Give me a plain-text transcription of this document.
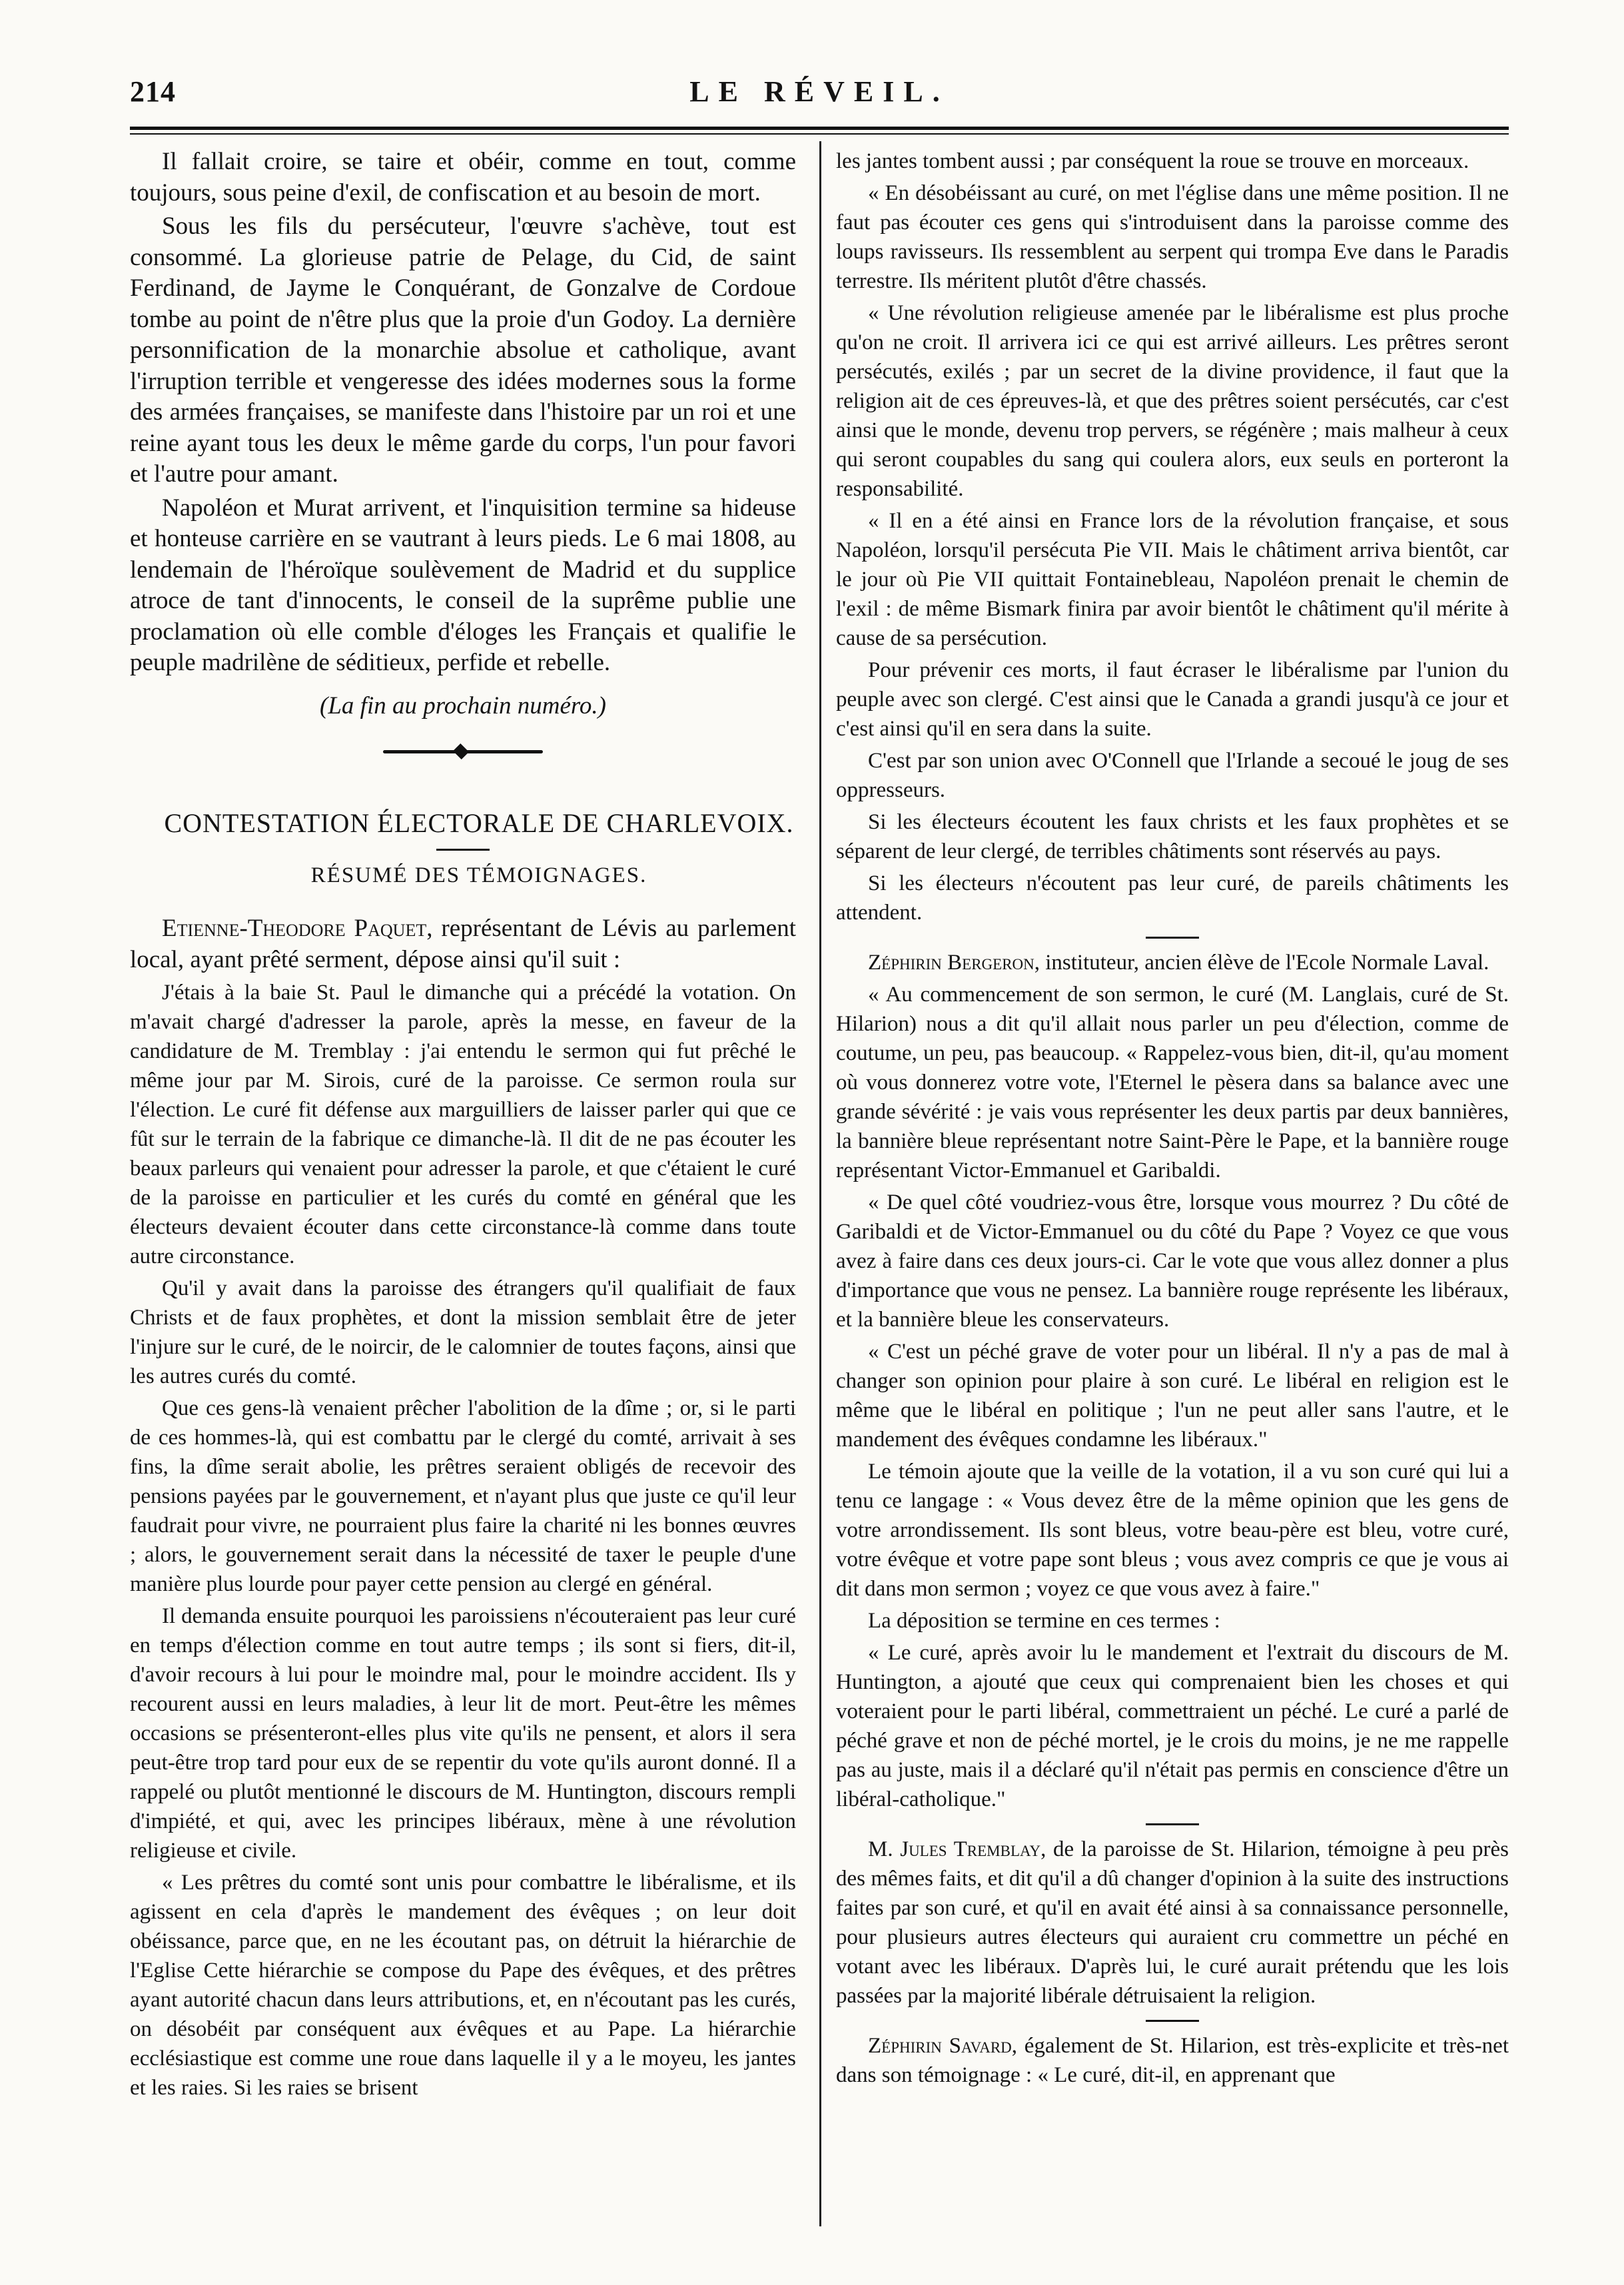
214	LE RÉVEIL.

Il fallait croire, se taire et obéir, comme en tout, comme toujours, sous peine d'exil, de confiscation et au besoin de mort.

Sous les fils du persécuteur, l'œuvre s'achève, tout est consommé. La glorieuse patrie de Pelage, du Cid, de saint Ferdinand, de Jayme le Conquérant, de Gonzalve de Cordoue tombe au point de n'être plus que la proie d'un Godoy. La dernière personnification de la monarchie absolue et catholique, avant l'irruption terrible et vengeresse des idées modernes sous la forme des armées françaises, se manifeste dans l'histoire par un roi et une reine ayant tous les deux le même garde du corps, l'un pour favori et l'autre pour amant.

Napoléon et Murat arrivent, et l'inquisition termine sa hideuse et honteuse carrière en se vautrant à leurs pieds. Le 6 mai 1808, au lendemain de l'héroïque soulèvement de Madrid et du supplice atroce de tant d'innocents, le conseil de la suprême publie une proclamation où elle comble d'éloges les Français et qualifie le peuple madrilène de séditieux, perfide et rebelle.

(La fin au prochain numéro.)

CONTESTATION ÉLECTORALE DE CHARLEVOIX.

RÉSUMÉ DES TÉMOIGNAGES.

Etienne-Theodore Paquet, représentant de Lévis au parlement local, ayant prêté serment, dépose ainsi qu'il suit :

J'étais à la baie St. Paul le dimanche qui a précédé la votation. On m'avait chargé d'adresser la parole, après la messe, en faveur de la candidature de M. Tremblay : j'ai entendu le sermon qui fut prêché le même jour par M. Sirois, curé de la paroisse. Ce sermon roula sur l'élection. Le curé fit défense aux marguilliers de laisser parler qui que ce fût sur le terrain de la fabrique ce dimanche-là. Il dit de ne pas écouter les beaux parleurs qui venaient pour adresser la parole, et que c'étaient le curé de la paroisse en particulier et les curés du comté en général que les électeurs devaient écouter dans cette circonstance-là comme dans toute autre circonstance.

Qu'il y avait dans la paroisse des étrangers qu'il qualifiait de faux Christs et de faux prophètes, et dont la mission semblait être de jeter l'injure sur le curé, de le noircir, de le calomnier de toutes façons, ainsi que les autres curés du comté.

Que ces gens-là venaient prêcher l'abolition de la dîme ; or, si le parti de ces hommes-là, qui est combattu par le clergé du comté, arrivait à ses fins, la dîme serait abolie, les prêtres seraient obligés de recevoir des pensions payées par le gouvernement, et n'ayant plus que juste ce qu'il leur faudrait pour vivre, ne pourraient plus faire la charité ni les bonnes œuvres ; alors, le gouvernement serait dans la nécessité de taxer le peuple d'une manière plus lourde pour payer cette pension au clergé en général.

Il demanda ensuite pourquoi les paroissiens n'écouteraient pas leur curé en temps d'élection comme en tout autre temps ; ils sont si fiers, dit-il, d'avoir recours à lui pour le moindre mal, pour le moindre accident. Ils y recourent aussi en leurs maladies, à leur lit de mort. Peut-être les mêmes occasions se présenteront-elles plus vite qu'ils ne pensent, et alors il sera peut-être trop tard pour eux de se repentir du vote qu'ils auront donné. Il a rappelé ou plutôt mentionné le discours de M. Huntington, discours rempli d'impiété, et qui, avec les principes libéraux, mène à une révolution religieuse et civile.

« Les prêtres du comté sont unis pour combattre le libéralisme, et ils agissent en cela d'après le mandement des évêques ; on leur doit obéissance, parce que, en ne les écoutant pas, on détruit la hiérarchie de l'Eglise Cette hiérarchie se compose du Pape des évêques, et des prêtres ayant autorité chacun dans leurs attributions, et, en n'écoutant pas les curés, on désobéit par conséquent aux évêques et au Pape. La hiérarchie ecclésiastique est comme une roue dans laquelle il y a le moyeu, les jantes et les raies. Si les raies se brisent

les jantes tombent aussi ; par conséquent la roue se trouve en morceaux.

« En désobéissant au curé, on met l'église dans une même position. Il ne faut pas écouter ces gens qui s'introduisent dans la paroisse comme des loups ravisseurs. Ils ressemblent au serpent qui trompa Eve dans le Paradis terrestre. Ils méritent plutôt d'être chassés.

« Une révolution religieuse amenée par le libéralisme est plus proche qu'on ne croit. Il arrivera ici ce qui est arrivé ailleurs. Les prêtres seront persécutés, exilés ; par un secret de la divine providence, il faut que la religion ait de ces épreuves-là, et que des prêtres soient persécutés, car c'est ainsi que le monde, devenu trop pervers, se régénère ; mais malheur à ceux qui seront coupables du sang qui coulera alors, eux seuls en porteront la responsabilité.

« Il en a été ainsi en France lors de la révolution française, et sous Napoléon, lorsqu'il persécuta Pie VII. Mais le châtiment arriva bientôt, car le jour où Pie VII quittait Fontainebleau, Napoléon prenait le chemin de l'exil : de même Bismark finira par avoir bientôt le châtiment qu'il mérite à cause de sa persécution.

Pour prévenir ces morts, il faut écraser le libéralisme par l'union du peuple avec son clergé. C'est ainsi que le Canada a grandi jusqu'à ce jour et c'est ainsi qu'il en sera dans la suite.

C'est par son union avec O'Connell que l'Irlande a secoué le joug de ses oppresseurs.

Si les électeurs écoutent les faux christs et les faux prophètes et se séparent de leur clergé, de terribles châtiments sont réservés au pays.

Si les électeurs n'écoutent pas leur curé, de pareils châtiments les attendent.

Zéphirin Bergeron, instituteur, ancien élève de l'Ecole Normale Laval.

« Au commencement de son sermon, le curé (M. Langlais, curé de St. Hilarion) nous a dit qu'il allait nous parler un peu d'élection, comme de coutume, un peu, pas beaucoup. « Rappelez-vous bien, dit-il, qu'au moment où vous donnerez votre vote, l'Eternel le pèsera dans sa balance avec une grande sévérité : je vais vous représenter les deux partis par deux bannières, la bannière bleue représentant notre Saint-Père le Pape, et la bannière rouge représentant Victor-Emmanuel et Garibaldi.

« De quel côté voudriez-vous être, lorsque vous mourrez ? Du côté de Garibaldi et de Victor-Emmanuel ou du côté du Pape ? Voyez ce que vous avez à faire dans ces deux jours-ci. Car le vote que vous allez donner a plus d'importance que vous ne pensez. La bannière rouge représente les libéraux, et la bannière bleue les conservateurs.

« C'est un péché grave de voter pour un libéral. Il n'y a pas de mal à changer son opinion pour plaire à son curé. Le libéral en religion est le même que le libéral en politique ; l'un ne peut aller sans l'autre, et le mandement des évêques condamne les libéraux."

Le témoin ajoute que la veille de la votation, il a vu son curé qui lui a tenu ce langage : « Vous devez être de la même opinion que les gens de votre arrondissement. Ils sont bleus, votre beau-père est bleu, votre curé, votre évêque et votre pape sont bleus ; vous avez compris ce que je vous ai dit dans mon sermon ; voyez ce que vous avez à faire."

La déposition se termine en ces termes :

« Le curé, après avoir lu le mandement et l'extrait du discours de M. Huntington, a ajouté que ceux qui comprenaient bien les choses et qui voteraient pour le parti libéral, commettraient un péché. Le curé a parlé de péché grave et non de péché mortel, je le crois du moins, je ne me rappelle pas au juste, mais il a déclaré qu'il n'était pas permis en conscience d'être un libéral-catholique."

M. Jules Tremblay, de la paroisse de St. Hilarion, témoigne à peu près des mêmes faits, et dit qu'il a dû changer d'opinion à la suite des instructions faites par son curé, et qu'il en avait été ainsi à sa connaissance personnelle, pour plusieurs autres électeurs qui auraient cru commettre un péché en votant avec les libéraux. D'après lui, le curé aurait prétendu que les lois passées par la majorité libérale détruisaient la religion.

Zéphirin Savard, également de St. Hilarion, est très-explicite et très-net dans son témoignage : « Le curé, dit-il, en apprenant que
